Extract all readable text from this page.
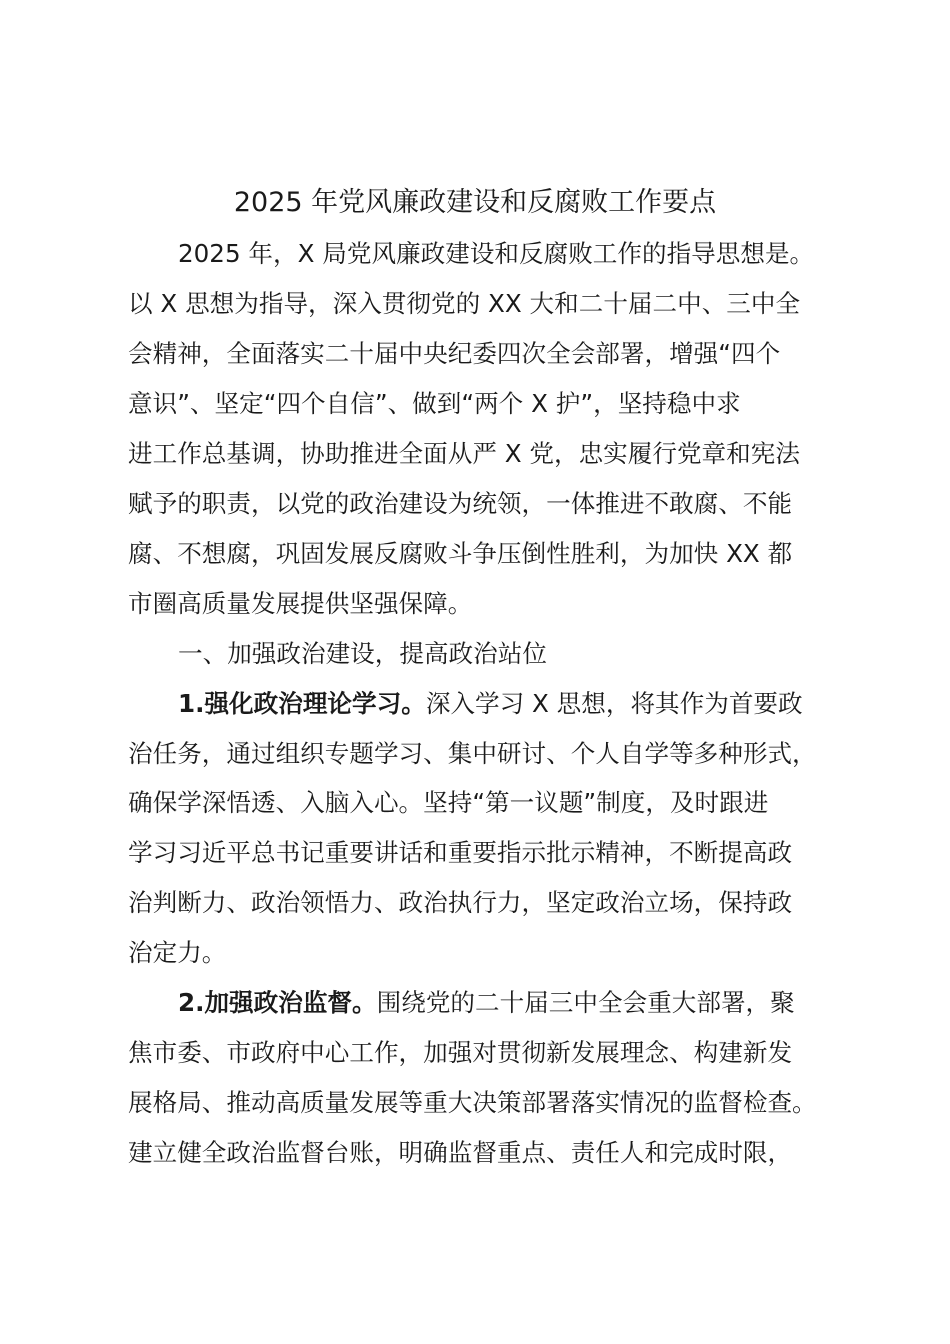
2025 年党风廉政建设和反腐败工作要点
2025 年，X 局党风廉政建设和反腐败工作的指导思想是。
以 X 思想为指导，深入贯彻党的 XX 大和二十届二中、三中全
会精神，全面落实二十届中央纪委四次全会部署，增强“四个
意识”、坚定“四个自信”、做到“两个 X 护”，坚持稳中求
进工作总基调，协助推进全面从严 X 党，忠实履行党章和宪法
赋予的职责，以党的政治建设为统领，一体推进不敢腐、不能
腐、不想腐，巩固发展反腐败斗争压倒性胜利，为加快 XX 都
市圈高质量发展提供坚强保障。
一、加强政治建设，提高政治站位
1.强化政治理论学习。深入学习 X 思想，将其作为首要政
治任务，通过组织专题学习、集中研讨、个人自学等多种形式，
确保学深悟透、入脑入心。坚持“第一议题”制度，及时跟进
学习习近平总书记重要讲话和重要指示批示精神，不断提高政
治判断力、政治领悟力、政治执行力，坚定政治立场，保持政
治定力。
2.加强政治监督。围绕党的二十届三中全会重大部署，聚
焦市委、市政府中心工作，加强对贯彻新发展理念、构建新发
展格局、推动高质量发展等重大决策部署落实情况的监督检查。
建立健全政治监督台账，明确监督重点、责任人和完成时限，
